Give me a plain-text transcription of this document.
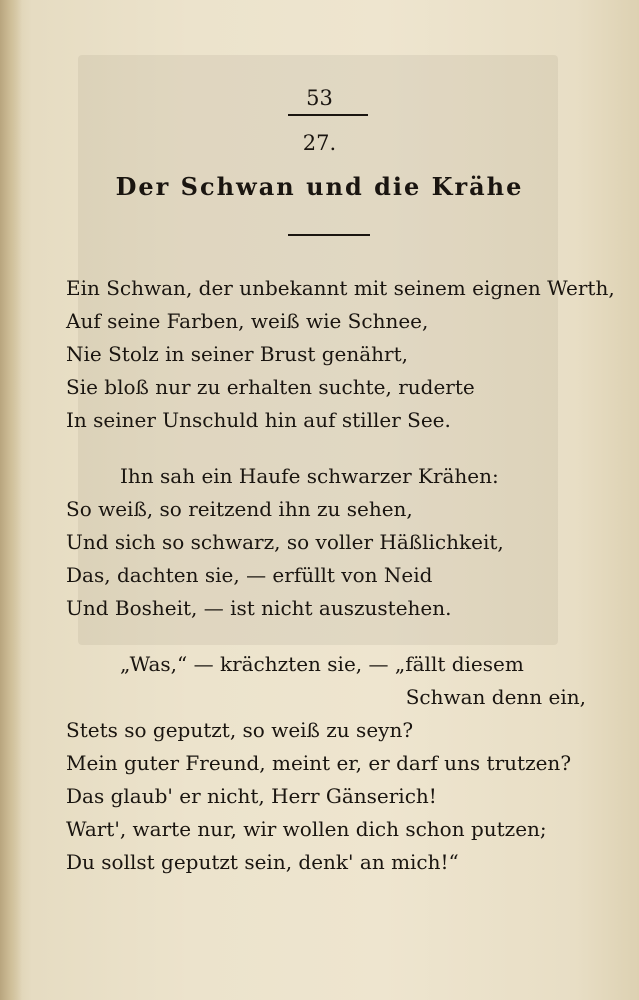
53
27.
Der Schwan und die Krähe
Ein Schwan, der unbekannt mit seinem eignen Werth,
Auf seine Farben, weiß wie Schnee,
Nie Stolz in seiner Brust genährt,
Sie bloß nur zu erhalten suchte, ruderte
In seiner Unschuld hin auf stiller See.
Ihn sah ein Haufe schwarzer Krähen:
So weiß, so reitzend ihn zu sehen,
Und sich so schwarz, so voller Häßlichkeit,
Das, dachten sie, — erfüllt von Neid
Und Bosheit, — ist nicht auszustehen.
„Was,“ — krächzten sie, — „fällt diesem
Schwan denn ein,
Stets so geputzt, so weiß zu seyn?
Mein guter Freund, meint er, er darf uns trutzen?
Das glaub' er nicht, Herr Gänserich!
Wart', warte nur, wir wollen dich schon putzen;
Du sollst geputzt sein, denk' an mich!“
